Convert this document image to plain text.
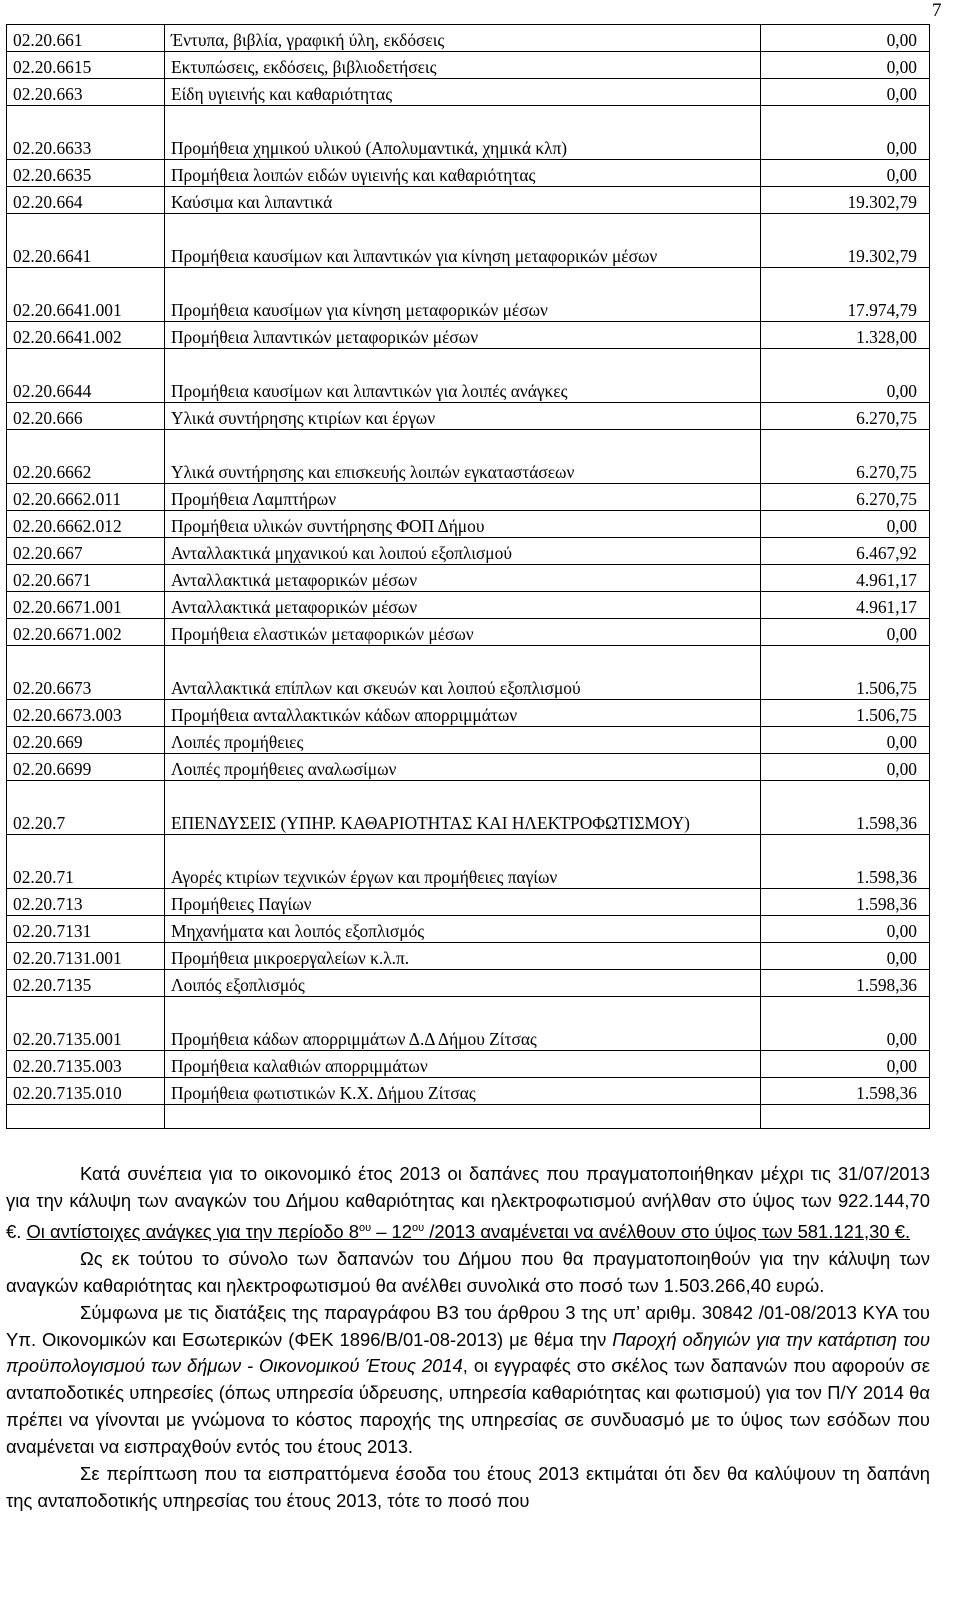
7
02.20.661	Έντυπα, βιβλία, γραφική ύλη, εκδόσεις	0,00
02.20.6615	Εκτυπώσεις, εκδόσεις, βιβλιοδετήσεις	0,00
02.20.663	Είδη υγιεινής και καθαριότητας	0,00
02.20.6633	Προμήθεια χημικού υλικού (Απολυμαντικά, χημικά κλπ)	0,00
02.20.6635	Προμήθεια λοιπών ειδών υγιεινής και καθαριότητας	0,00
02.20.664	Καύσιμα και λιπαντικά	19.302,79
02.20.6641	Προμήθεια καυσίμων και λιπαντικών για κίνηση μεταφορικών μέσων	19.302,79
02.20.6641.001	Προμήθεια καυσίμων για κίνηση μεταφορικών μέσων	17.974,79
02.20.6641.002	Προμήθεια λιπαντικών μεταφορικών μέσων	1.328,00
02.20.6644	Προμήθεια καυσίμων και λιπαντικών για λοιπές ανάγκες	0,00
02.20.666	Υλικά συντήρησης κτιρίων και έργων	6.270,75
02.20.6662	Υλικά συντήρησης και επισκευής λοιπών εγκαταστάσεων	6.270,75
02.20.6662.011	Προμήθεια Λαμπτήρων	6.270,75
02.20.6662.012	Προμήθεια υλικών συντήρησης ΦΟΠ Δήμου	0,00
02.20.667	Ανταλλακτικά μηχανικού και λοιπού εξοπλισμού	6.467,92
02.20.6671	Ανταλλακτικά μεταφορικών μέσων	4.961,17
02.20.6671.001	Ανταλλακτικά μεταφορικών μέσων	4.961,17
02.20.6671.002	Προμήθεια ελαστικών μεταφορικών μέσων	0,00
02.20.6673	Ανταλλακτικά επίπλων και σκευών και λοιπού εξοπλισμού	1.506,75
02.20.6673.003	Προμήθεια ανταλλακτικών κάδων απορριμμάτων	1.506,75
02.20.669	Λοιπές προμήθειες	0,00
02.20.6699	Λοιπές προμήθειες αναλωσίμων	0,00
02.20.7	ΕΠΕΝΔΥΣΕΙΣ (ΥΠΗΡ. ΚΑΘΑΡΙΟΤΗΤΑΣ ΚΑΙ ΗΛΕΚΤΡΟΦΩΤΙΣΜΟΥ)	1.598,36
02.20.71	Αγορές κτιρίων τεχνικών έργων και προμήθειες παγίων	1.598,36
02.20.713	Προμήθειες Παγίων	1.598,36
02.20.7131	Μηχανήματα και λοιπός εξοπλισμός	0,00
02.20.7131.001	Προμήθεια μικροεργαλείων κ.λ.π.	0,00
02.20.7135	Λοιπός εξοπλισμός	1.598,36
02.20.7135.001	Προμήθεια κάδων απορριμμάτων Δ.Δ Δήμου Ζίτσας	0,00
02.20.7135.003	Προμήθεια καλαθιών απορριμμάτων	0,00
02.20.7135.010	Προμήθεια φωτιστικών Κ.Χ. Δήμου Ζίτσας	1.598,36

Κατά συνέπεια για το οικονομικό έτος 2013 οι δαπάνες που πραγματοποιήθηκαν μέχρι τις 31/07/2013 για την κάλυψη των αναγκών του Δήμου καθαριότητας και ηλεκτροφωτισμού ανήλθαν στο ύψος των 922.144,70 €. Οι αντίστοιχες ανάγκες για την περίοδο $8^{o\upsilon} - 12^{o\upsilon}$ /2013 αναμένεται να ανέλθουν στο ύψος των 581.121,30 €.

Ως εκ τούτου το σύνολο των δαπανών του Δήμου που θα πραγματοποιηθούν για την κάλυψη των αναγκών καθαριότητας και ηλεκτροφωτισμού θα ανέλθει συνολικά στο ποσό των 1.503.266,40 ευρώ.

Σύμφωνα με τις διατάξεις της παραγράφου Β3 του άρθρου 3 της υπ’ αριθμ. 30842 /01-08/2013 ΚΥΑ του Υπ. Οικονομικών και Εσωτερικών (ΦΕΚ 1896/Β/01-08-2013) με θέμα την Παροχή οδηγιών για την κατάρτιση του προϋπολογισμού των δήμων - Οικονομικού Έτους 2014, οι εγγραφές στο σκέλος των δαπανών που αφορούν σε ανταποδοτικές υπηρεσίες (όπως υπηρεσία ύδρευσης, υπηρεσία καθαριότητας και φωτισμού) για τον Π/Υ 2014 θα πρέπει να γίνονται με γνώμονα το κόστος παροχής της υπηρεσίας σε συνδυασμό με το ύψος των εσόδων που αναμένεται να εισπραχθούν εντός του έτους 2013.

Σε περίπτωση που τα εισπραττόμενα έσοδα του έτους 2013 εκτιμάται ότι δεν θα καλύψουν τη δαπάνη της ανταποδοτικής υπηρεσίας του έτους 2013, τότε το ποσό που
